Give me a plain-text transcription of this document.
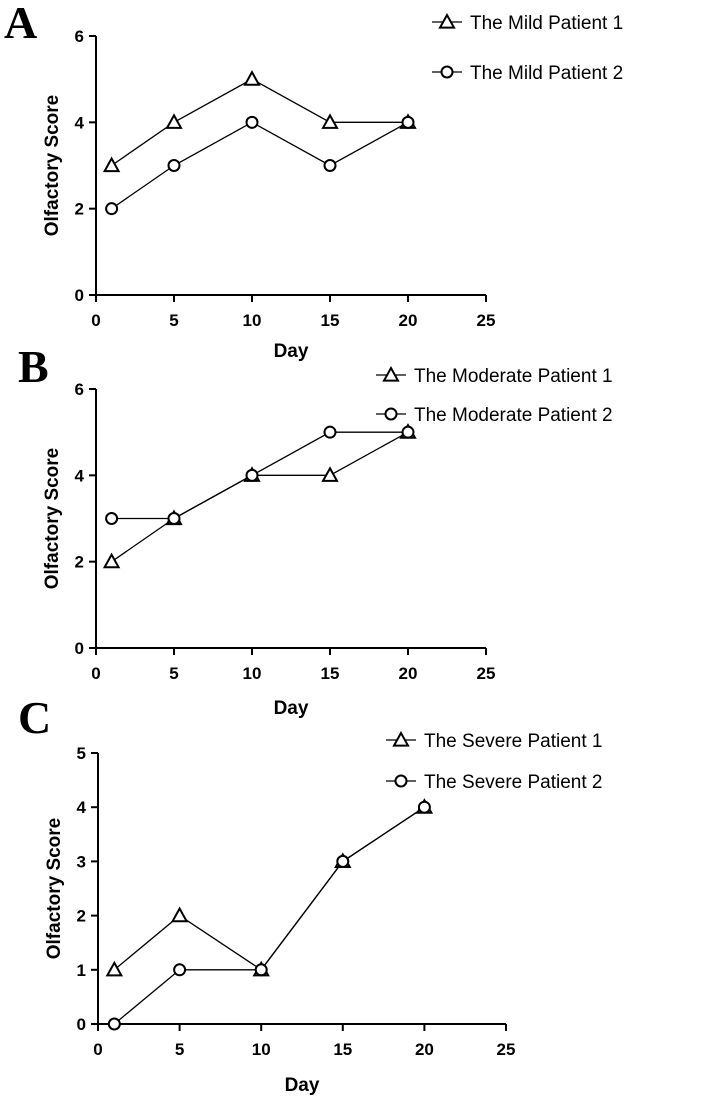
A
0
2
4
6
0	5	10	15	20	25
Olfactory Score
Day
The Mild Patient 1
The Mild Patient 2
B
0
2
4
6
0	5	10	15	20	25
Olfactory Score
Day
The Moderate Patient 1
The Moderate Patient 2
C
0
1
2
3
4
5
0	5	10	15	20	25
Olfactory Score
Day
The Severe Patient 1
The Severe Patient 2
